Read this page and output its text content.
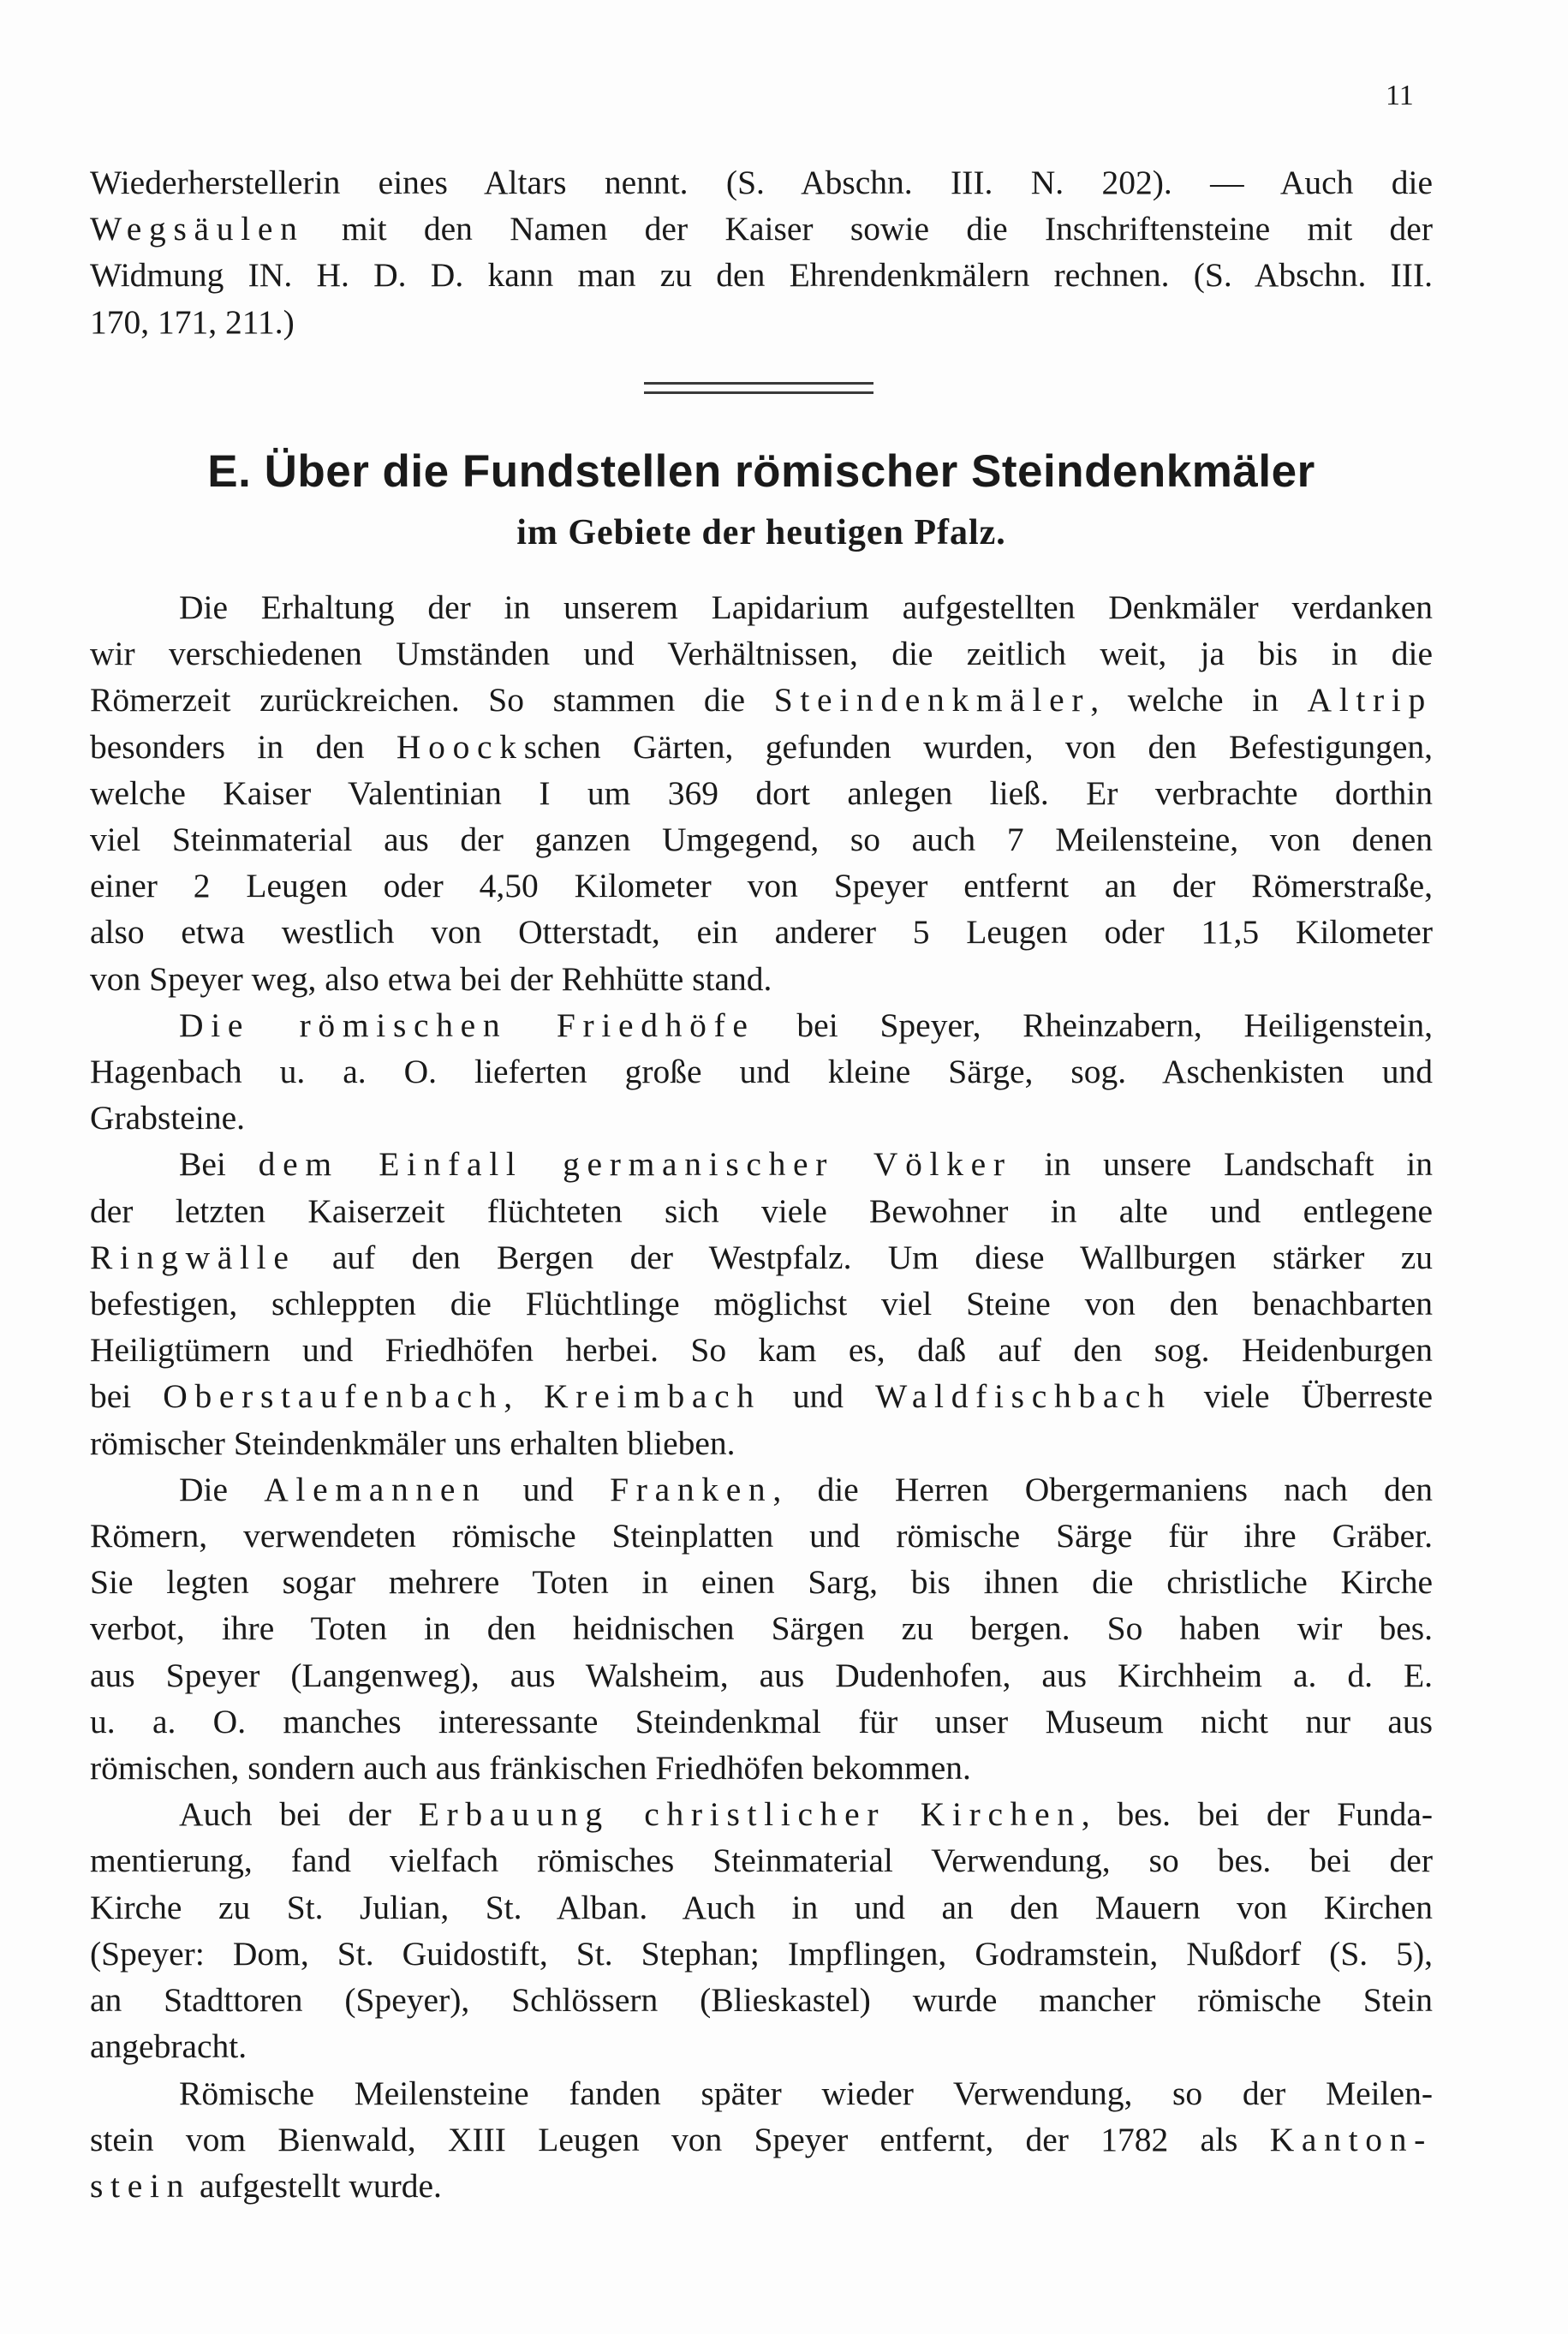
11
Wiederherstellerin eines Altars nennt. (S. Abschn. III. N. 202). — Auch die
Wegsäulen mit den Namen der Kaiser sowie die Inschriftensteine mit der
Widmung IN. H. D. D. kann man zu den Ehrendenkmälern rechnen. (S. Abschn. III.
170, 171, 211.)
E. Über die Fundstellen römischer Steindenkmäler
im Gebiete der heutigen Pfalz.
Die Erhaltung der in unserem Lapidarium aufgestellten Denkmäler verdanken
wir verschiedenen Umständen und Verhältnissen, die zeitlich weit, ja bis in die
Römerzeit zurückreichen. So stammen die Steindenkmäler, welche in Altrip
besonders in den Hoockschen Gärten, gefunden wurden, von den Befestigungen,
welche Kaiser Valentinian I um 369 dort anlegen ließ. Er verbrachte dorthin
viel Steinmaterial aus der ganzen Umgegend, so auch 7 Meilensteine, von denen
einer 2 Leugen oder 4,50 Kilometer von Speyer entfernt an der Römerstraße,
also etwa westlich von Otterstadt, ein anderer 5 Leugen oder 11,5 Kilometer
von Speyer weg, also etwa bei der Rehhütte stand.
Die römischen Friedhöfe bei Speyer, Rheinzabern, Heiligenstein,
Hagenbach u. a. O. lieferten große und kleine Särge, sog. Aschenkisten und
Grabsteine.
Bei dem Einfall germanischer Völker in unsere Landschaft in
der letzten Kaiserzeit flüchteten sich viele Bewohner in alte und entlegene
Ringwälle auf den Bergen der Westpfalz. Um diese Wallburgen stärker zu
befestigen, schleppten die Flüchtlinge möglichst viel Steine von den benachbarten
Heiligtümern und Friedhöfen herbei. So kam es, daß auf den sog. Heidenburgen
bei Oberstaufenbach, Kreimbach und Waldfischbach viele Überreste
römischer Steindenkmäler uns erhalten blieben.
Die Alemannen und Franken, die Herren Obergermaniens nach den
Römern, verwendeten römische Steinplatten und römische Särge für ihre Gräber.
Sie legten sogar mehrere Toten in einen Sarg, bis ihnen die christliche Kirche
verbot, ihre Toten in den heidnischen Särgen zu bergen. So haben wir bes.
aus Speyer (Langenweg), aus Walsheim, aus Dudenhofen, aus Kirchheim a. d. E.
u. a. O. manches interessante Steindenkmal für unser Museum nicht nur aus
römischen, sondern auch aus fränkischen Friedhöfen bekommen.
Auch bei der Erbauung christlicher Kirchen, bes. bei der Funda-
mentierung, fand vielfach römisches Steinmaterial Verwendung, so bes. bei der
Kirche zu St. Julian, St. Alban. Auch in und an den Mauern von Kirchen
(Speyer: Dom, St. Guidostift, St. Stephan; Impflingen, Godramstein, Nußdorf (S. 5),
an Stadttoren (Speyer), Schlössern (Blieskastel) wurde mancher römische Stein
angebracht.
Römische Meilensteine fanden später wieder Verwendung, so der Meilen-
stein vom Bienwald, XIII Leugen von Speyer entfernt, der 1782 als Kanton-
stein aufgestellt wurde.
